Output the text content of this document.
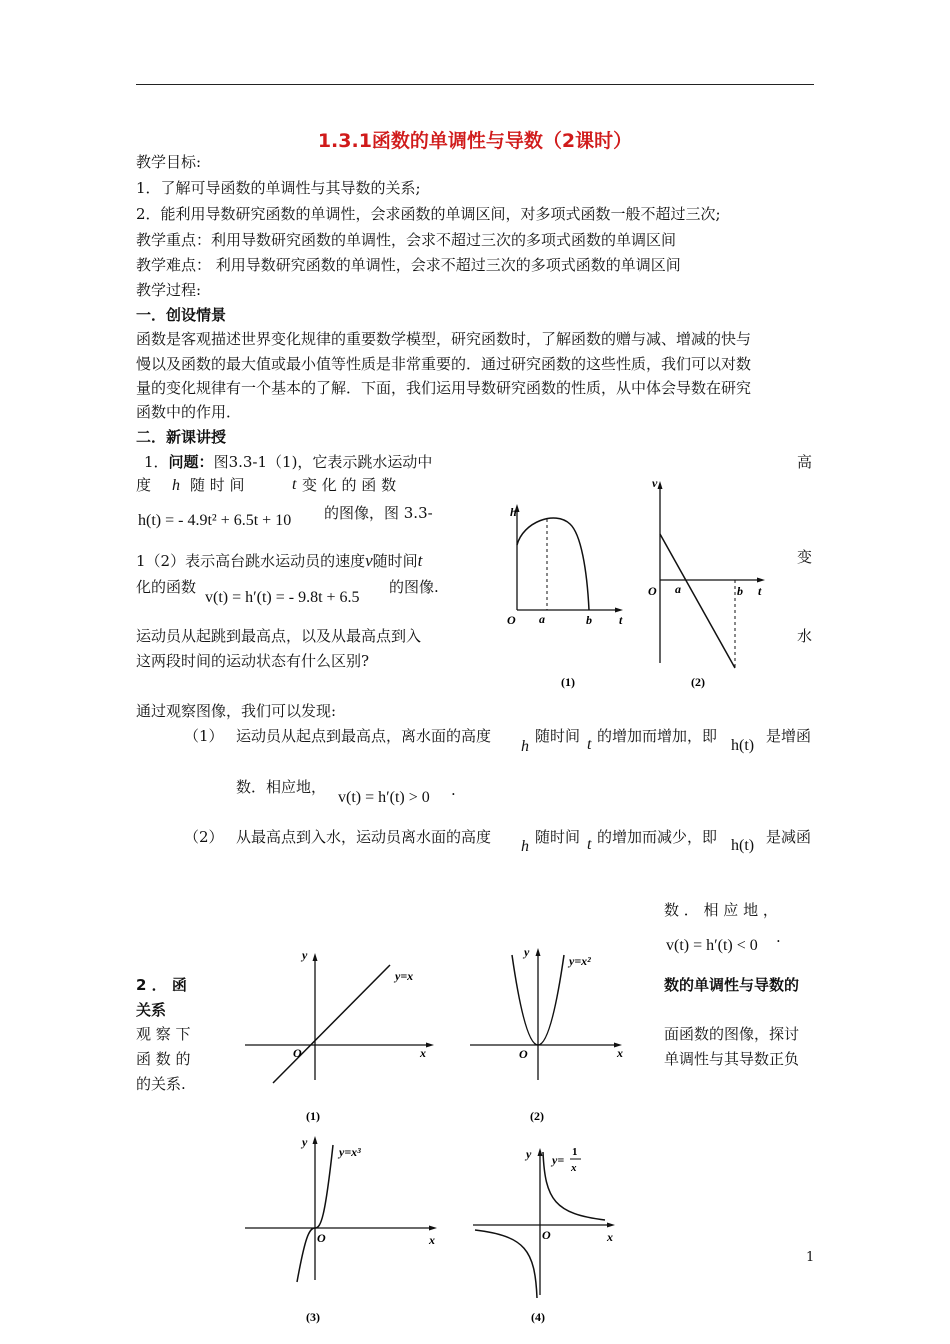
1.3.1函数的单调性与导数（2课时）
教学目标:
1．了解可导函数的单调性与其导数的关系;
2．能利用导数研究函数的单调性，会求函数的单调区间，对多项式函数一般不超过三次;
教学重点：利用导数研究函数的单调性，会求不超过三次的多项式函数的单调区间
教学难点： 利用导数研究函数的单调性，会求不超过三次的多项式函数的单调区间
教学过程:
一．创设情景
函数是客观描述世界变化规律的重要数学模型，研究函数时，了解函数的赠与减、增减的快与
慢以及函数的最大值或最小值等性质是非常重要的．通过研究函数的这些性质，我们可以对数
量的变化规律有一个基本的了解．下面，我们运用导数研究函数的性质，从中体会导数在研究
函数中的作用．
二．新课讲授
1．问题：图3.3-1（1)，它表示跳水运动中
度 h 随 时 间	t 变 化 的 函 数
h(t) = - 4.9t² + 6.5t + 10 的图像，图 3.3-
1（2）表示高台跳水运动员的速度v随时间t
化的函数
v(t) = h′(t) = - 9.8t + 6.5
的图像.
运动员从起跳到最高点，以及从最高点到入
这两段时间的运动状态有什么区别?
高
变
水
h
O a	b t
(1)
v
O a	b t
(2)
通过观察图像，我们可以发现:
（1） 运动员从起点到最高点，离水面的高度
h
随时间 t 的增加而增加，即
h(t)
是增函
数．相应地，
v(t) = h′(t) > 0 .
（2） 从最高点到入水，运动员离水面的高度
h
随时间 t 的增加而减少，即 h(t) 是减函
数 ． 相 应 地 ，
v(t) = h′(t) < 0 .
2 ． 函
关系
观 察 下
函 数 的
的关系.
数的单调性与导数的
面函数的图像，探讨
单调性与其导数正负
y
x
O
y=x
(1)
y
x
O
y=x²
(2)
y
x
O
y=x³
(3)
y
x
O
y=
1
x
(4)
1
